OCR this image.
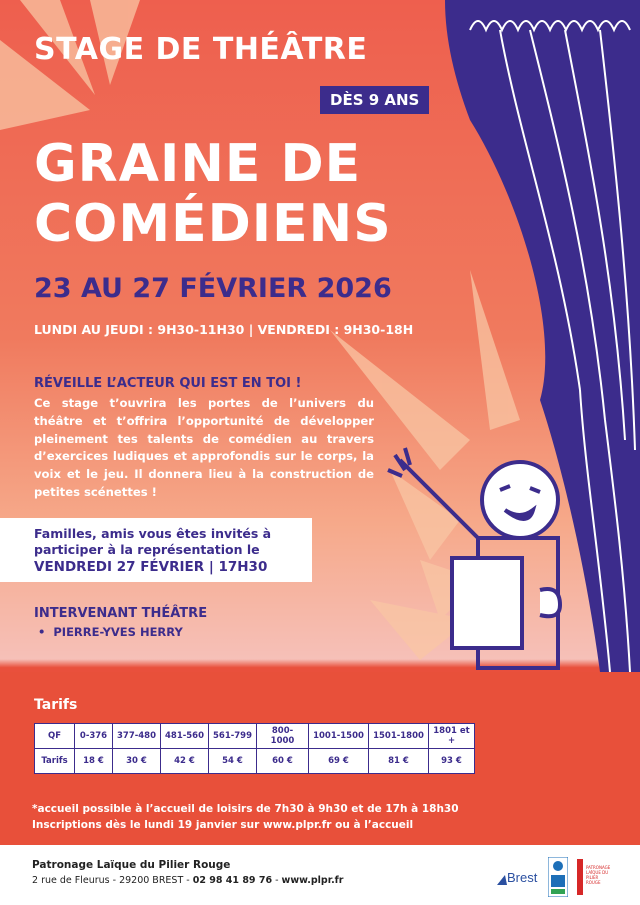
STAGE DE THÉÂTRE
DÈS 9 ANS
GRAINE DE
COMÉDIENS
23 AU 27 FÉVRIER 2026
LUNDI AU JEUDI : 9H30-11H30 | VENDREDI : 9H30-18H
RÉVEILLE L’ACTEUR QUI EST EN TOI !
Ce stage t’ouvrira les portes de l’univers du théâtre et t’offrira l’opportunité de développer pleinement tes talents de comédien au travers d’exercices ludiques et approfondis sur le corps, la voix et le jeu. Il donnera lieu à la construction de petites scénettes !
Familles, amis vous êtes invités à
participer à la représentation le
VENDREDI 27 FÉVRIER | 17H30
INTERVENANT THÉÂTRE
•  PIERRE-YVES HERRY
Tarifs
QF	0-376	377-480	481-560	561-799	800-1000	1001-1500	1501-1800	1801 et +
Tarifs	18 €	30 €	42 €	54 €	60 €	69 €	81 €	93 €
*accueil possible à l’accueil de loisirs de 7h30 à 9h30 et de 17h à 18h30
Inscriptions dès le lundi 19 janvier sur www.plpr.fr ou à l’accueil
Patronage Laïque du Pilier Rouge
2 rue de Fleurus - 29200 BREST - 02 98 41 89 76 - www.plpr.fr	Brest
PATRONAGE LAÏQUE DU PILIER ROUGE
